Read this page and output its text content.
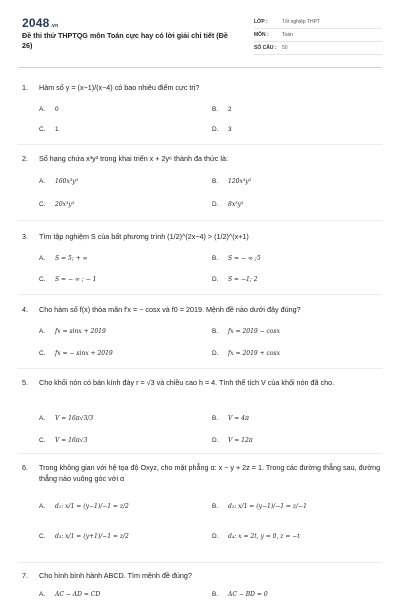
2048.vn
Đề thi thử THPTQG môn Toán cực hay có lời giải chi tiết (Đề 26)
LỚP :	Tốt nghiệp THPT
MÔN :	Toán
SỐ CÂU :	50
1.	Hàm số y = (x−1)/(x−4) có bao nhiêu điểm cực trị?
A. 0	B. 2
C. 1	D. 3
2.	Số hạng chứa x³y³ trong khai triển x + 2y⁶ thành đa thức là:
A. 160x³y³	B. 120x³y³
C. 20x³y³	D. 8x³y³
3.	Tìm tập nghiệm S của bất phương trình (1/2)^(2x−4) > (1/2)^(x+1)
A. S = 5; + ∞	B. S = − ∞ ;5
C. S = − ∞ ; − 1	D. S = −1; 2
4.	Cho hàm số f(x) thỏa mãn f′x = − cosx và f0 = 2019. Mệnh đề nào dưới đây đúng?
A. fx = sinx + 2019	B. fx = 2019 − cosx
C. fx = − sinx + 2019	D. fx = 2019 + cosx
5.	Cho khối nón có bán kính đáy r = √3 và chiều cao h = 4. Tính thể tích V của khối nón đã cho.
A. V = 16π√3/3	B. V = 4π
C. V = 16π√3	D. V = 12π
6.	Trong không gian với hệ tọa độ Oxyz, cho mặt phẳng α: x − y + 2z = 1. Trong các đường thẳng sau, đường thẳng nào vuông góc với α
A. d₁: x/1 = (y−1)/−1 = z/2	B. d₂: x/1 = (y−1)/−1 = z/−1
C. d₃: x/1 = (y+1)/−1 = z/2	D. d₄: x = 2t, y = 0, z = −t
7.	Cho hình bình hành ABCD. Tìm mệnh đề đúng?
A. AC − AD = CD	B. AC − BD = 0
